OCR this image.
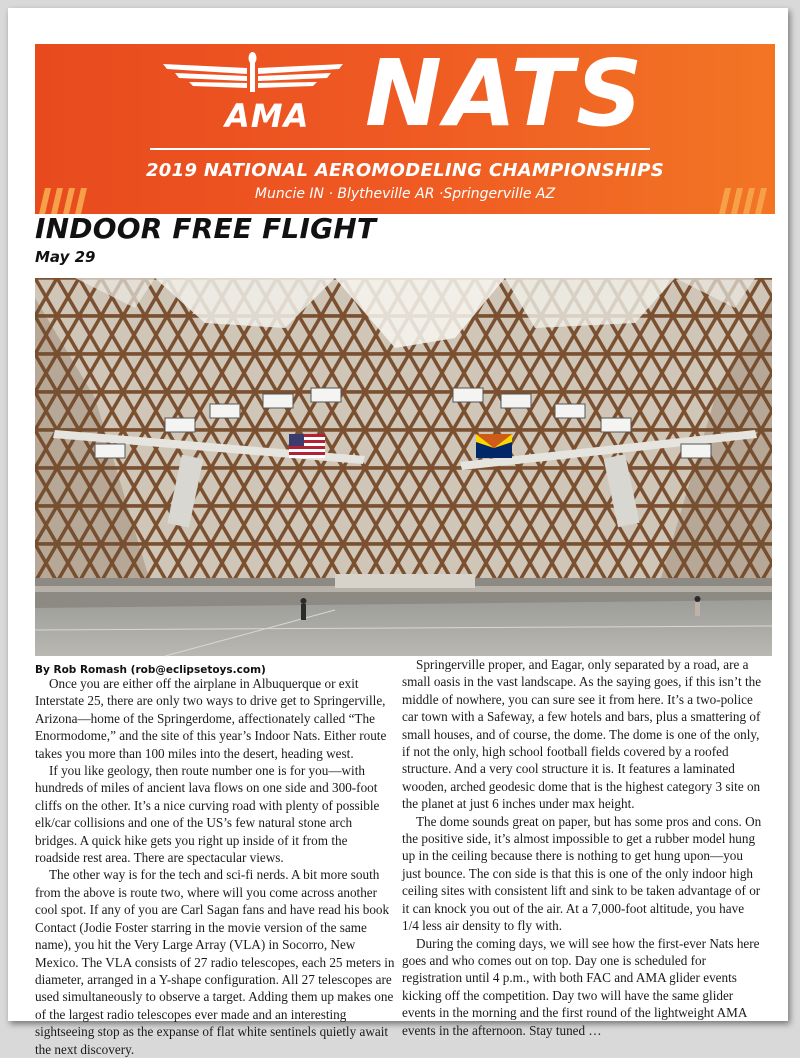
AMA NATS
2019 NATIONAL AEROMODELING CHAMPIONSHIPS
Muncie IN · Blytheville AR ·Springerville AZ
INDOOR FREE FLIGHT
May 29
By Rob Romash (rob@eclipsetoys.com)

Once you are either off the airplane in Albuquerque or exit Interstate 25, there are only two ways to drive get to Springerville, Arizona—home of the Springerdome, affectionately called “The Enormodome,” and the site of this year’s Indoor Nats. Either route takes you more than 100 miles into the desert, heading west.

If you like geology, then route number one is for you—with hundreds of miles of ancient lava flows on one side and 300-foot cliffs on the other. It’s a nice curving road with plenty of possible elk/car collisions and one of the US’s few natural stone arch bridges. A quick hike gets you right up inside of it from the roadside rest area. There are spectacular views.

The other way is for the tech and sci-fi nerds. A bit more south from the above is route two, where will you come across another cool spot. If any of you are Carl Sagan fans and have read his book Contact (Jodie Foster starring in the movie version of the same name), you hit the Very Large Array (VLA) in Socorro, New Mexico. The VLA consists of 27 radio telescopes, each 25 meters in diameter, arranged in a Y-shape configuration. All 27 telescopes are used simultaneously to observe a target. Adding them up makes one of the largest radio telescopes ever made and an interesting sightseeing stop as the expanse of flat white sentinels quietly await the next discovery.

Springerville proper, and Eagar, only separated by a road, are a small oasis in the vast landscape. As the saying goes, if this isn’t the middle of nowhere, you can sure see it from here. It’s a two-police car town with a Safeway, a few hotels and bars, plus a smattering of small houses, and of course, the dome. The dome is one of the only, if not the only, high school football fields covered by a roofed structure. And a very cool structure it is. It features a laminated wooden, arched geodesic dome that is the highest category 3 site on the planet at just 6 inches under max height.

The dome sounds great on paper, but has some pros and cons. On the positive side, it’s almost impossible to get a rubber model hung up in the ceiling because there is nothing to get hung upon—you just bounce. The con side is that this is one of the only indoor high ceiling sites with consistent lift and sink to be taken advantage of or it can knock you out of the air. At a 7,000-foot altitude, you have 1/4 less air density to fly with.

During the coming days, we will see how the first-ever Nats here goes and who comes out on top. Day one is scheduled for registration until 4 p.m., with both FAC and AMA glider events kicking off the competition. Day two will have the same glider events in the morning and the first round of the lightweight AMA events in the afternoon. Stay tuned …
